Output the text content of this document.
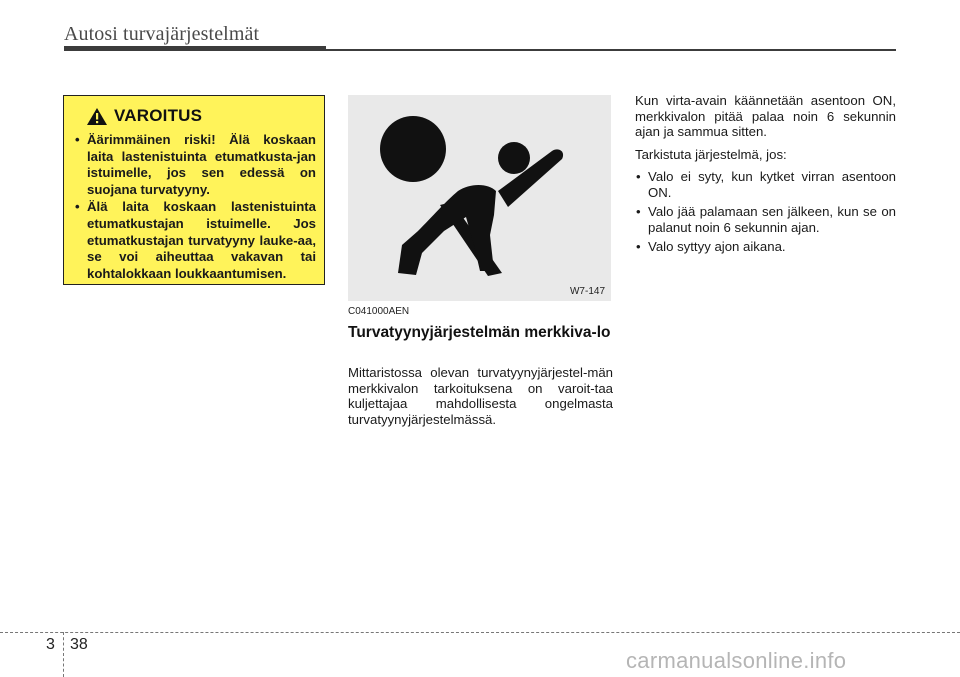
Autosi turvajärjestelmät
VAROITUS
• Äärimmäinen riski! Älä koskaan laita lastenistuinta etumatkusta-jan istuimelle, jos sen edessä on suojana turvatyyny.
• Älä laita koskaan lastenistuinta etumatkustajan istuimelle. Jos etumatkustajan turvatyyny lauke-aa, se voi aiheuttaa vakavan tai kohtalokkaan loukkaantumisen.
W7-147
C041000AEN
Turvatyynyjärjestelmän merkkiva-lo
Mittaristossa olevan turvatyynyjärjestel-män merkkivalon tarkoituksena on varoit-taa kuljettajaa mahdollisesta ongelmasta turvatyynyjärjestelmässä.

Kun virta-avain käännetään asentoon ON, merkkivalon pitää palaa noin 6 sekunnin ajan ja sammua sitten.

Tarkistuta järjestelmä, jos:

• Valo ei syty, kun kytket virran asentoon ON.
• Valo jää palamaan sen jälkeen, kun se on palanut noin 6 sekunnin ajan.
• Valo syttyy ajon aikana.
3 38
carmanualsonline.info
